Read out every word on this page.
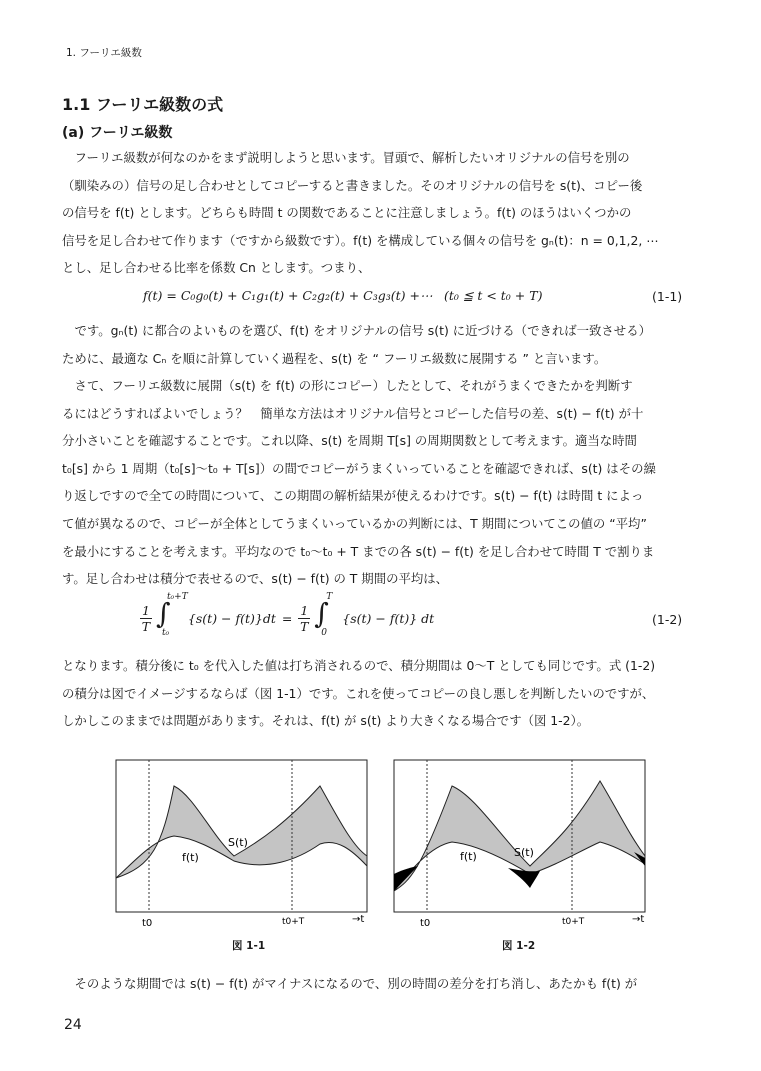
1. フーリエ級数
1.1 フーリエ級数の式
(a) フーリエ級数

フーリエ級数が何なのかをまず説明しようと思います。冒頭で、解析したいオリジナルの信号を別の

（馴染みの）信号の足し合わせとしてコピーすると書きました。そのオリジナルの信号を s(t)、コピー後

の信号を f(t) とします。どちらも時間 t の関数であることに注意しましょう。f(t) のほうはいくつかの

信号を足し合わせて作ります（ですから級数です）。f(t) を構成している個々の信号を gₙ(t)：n = 0,1,2, ⋯

とし、足し合わせる比率を係数 Cn とします。つまり、

f(t) = C₀g₀(t) + C₁g₁(t) + C₂g₂(t) + C₃g₃(t) +⋯ (t₀ ≦ t < t₀ + T)	(1-1)

です。gₙ(t) に都合のよいものを選び、f(t) をオリジナルの信号 s(t) に近づける（できれば一致させる）

ために、最適な Cₙ を順に計算していく過程を、s(t) を “ フーリエ級数に展開する ” と言います。

さて、フーリエ級数に展開（s(t) を f(t) の形にコピー）したとして、それがうまくできたかを判断す

るにはどうすればよいでしょう？　簡単な方法はオリジナル信号とコピーした信号の差、s(t) − f(t) が十

分小さいことを確認することです。これ以降、s(t) を周期 T[s] の周期関数として考えます。適当な時間

t₀[s] から 1 周期（t₀[s]〜t₀ + T[s]）の間でコピーがうまくいっていることを確認できれば、s(t) はその繰

り返しですので全ての時間について、この期間の解析結果が使えるわけです。s(t) − f(t) は時間 t によっ

て値が異なるので、コピーが全体としてうまくいっているかの判断には、T 期間についてこの値の “平均”

を最小にすることを考えます。平均なので t₀〜t₀ + T までの各 s(t) − f(t) を足し合わせて時間 T で割りま

す。足し合わせは積分で表せるので、s(t) − f(t) の T 期間の平均は、

$\frac{1}{T}$
∫
t₀+T
t₀
$\{s(t) - f(t)\}dt = \frac{1}{T}$
∫
T
0
{s(t) − f(t)} dt	(1-2)

となります。積分後に t₀ を代入した値は打ち消されるので、積分期間は 0〜T としても同じです。式 (1-2)

の積分は図でイメージするならば（図 1-1）です。これを使ってコピーの良し悪しを判断したいのですが、

しかしこのままでは問題があります。それは、f(t) が s(t) より大きくなる場合です（図 1-2）。

S(t)
f(t)
t0	t0+T	→t
図 1-1
S(t)
f(t)
t0	t0+T	→t
図 1-2

そのような期間では s(t) − f(t) がマイナスになるので、別の時間の差分を打ち消し、あたかも f(t) が

24
